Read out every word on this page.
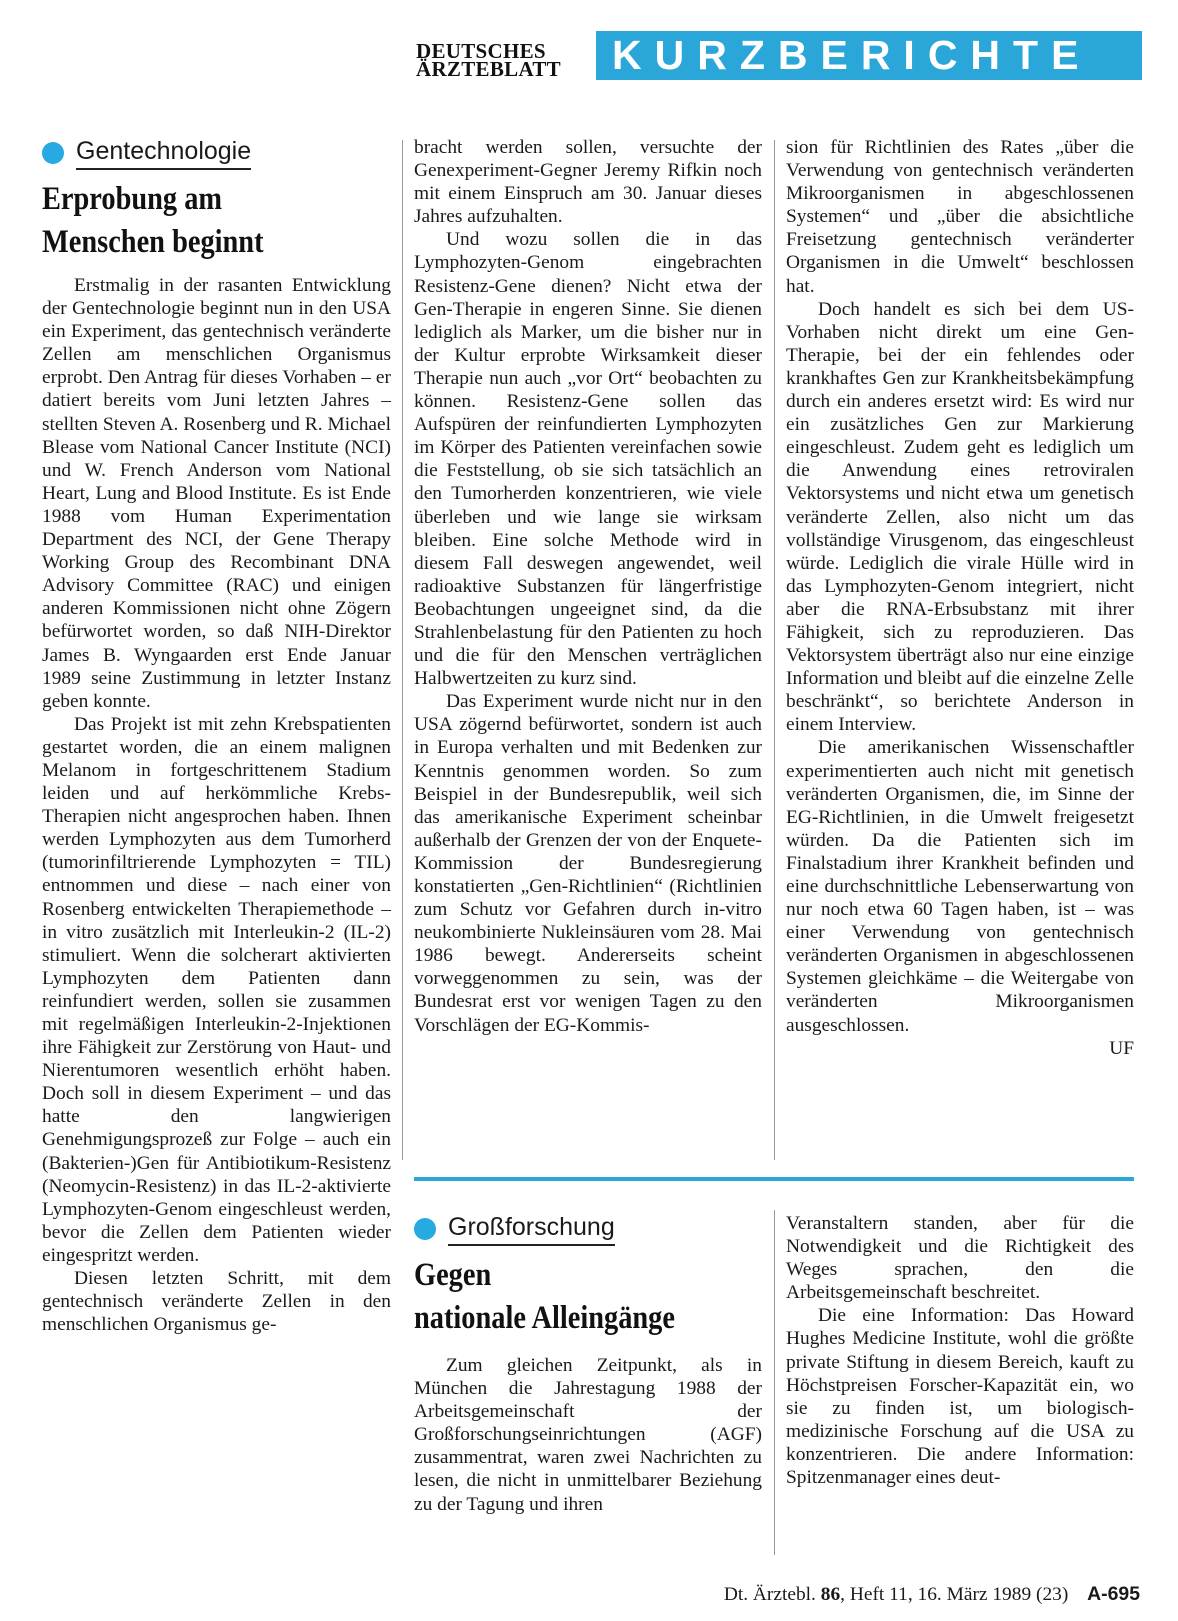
DEUTSCHES
ÄRZTEBLATT	KURZBERICHTE
Gentechnologie
Erprobung am
Menschen beginnt

Erstmalig in der rasanten Entwicklung der Gentechnologie beginnt nun in den USA ein Experiment, das gentechnisch veränderte Zellen am menschlichen Organismus erprobt. Den Antrag für dieses Vorhaben – er datiert bereits vom Juni letzten Jahres – stellten Steven A. Rosenberg und R. Michael Blease vom National Cancer Institute (NCI) und W. French Anderson vom National Heart, Lung and Blood Institute. Es ist Ende 1988 vom Human Experimentation Department des NCI, der Gene Therapy Working Group des Recombinant DNA Advisory Committee (RAC) und einigen anderen Kommissionen nicht ohne Zögern befürwortet worden, so daß NIH-Direktor James B. Wyngaarden erst Ende Januar 1989 seine Zustimmung in letzter Instanz geben konnte.

Das Projekt ist mit zehn Krebspatienten gestartet worden, die an einem malignen Melanom in fortgeschrittenem Stadium leiden und auf herkömmliche Krebs-Therapien nicht angesprochen haben. Ihnen werden Lymphozyten aus dem Tumorherd (tumorinfiltrierende Lymphozyten = TIL) entnommen und diese – nach einer von Rosenberg entwickelten Therapiemethode – in vitro zusätzlich mit Interleukin-2 (IL-2) stimuliert. Wenn die solcherart aktivierten Lymphozyten dem Patienten dann reinfundiert werden, sollen sie zusammen mit regelmäßigen Interleukin-2-Injektionen ihre Fähigkeit zur Zerstörung von Haut- und Nierentumoren wesentlich erhöht haben. Doch soll in diesem Experiment – und das hatte den langwierigen Genehmigungsprozeß zur Folge – auch ein (Bakterien-)Gen für Antibiotikum-Resistenz (Neomycin-Resistenz) in das IL-2-aktivierte Lymphozyten-Genom eingeschleust werden, bevor die Zellen dem Patienten wieder eingespritzt werden.

Diesen letzten Schritt, mit dem gentechnisch veränderte Zellen in den menschlichen Organismus ge-

bracht werden sollen, versuchte der Genexperiment-Gegner Jeremy Rifkin noch mit einem Einspruch am 30. Januar dieses Jahres aufzuhalten.

Und wozu sollen die in das Lymphozyten-Genom eingebrachten Resistenz-Gene dienen? Nicht etwa der Gen-Therapie in engeren Sinne. Sie dienen lediglich als Marker, um die bisher nur in der Kultur erprobte Wirksamkeit dieser Therapie nun auch „vor Ort“ beobachten zu können. Resistenz-Gene sollen das Aufspüren der reinfundierten Lymphozyten im Körper des Patienten vereinfachen sowie die Feststellung, ob sie sich tatsächlich an den Tumorherden konzentrieren, wie viele überleben und wie lange sie wirksam bleiben. Eine solche Methode wird in diesem Fall deswegen angewendet, weil radioaktive Substanzen für längerfristige Beobachtungen ungeeignet sind, da die Strahlenbelastung für den Patienten zu hoch und die für den Menschen verträglichen Halbwertzeiten zu kurz sind.

Das Experiment wurde nicht nur in den USA zögernd befürwortet, sondern ist auch in Europa verhalten und mit Bedenken zur Kenntnis genommen worden. So zum Beispiel in der Bundesrepublik, weil sich das amerikanische Experiment scheinbar außerhalb der Grenzen der von der Enquete-Kommission der Bundesregierung konstatierten „Gen-Richtlinien“ (Richtlinien zum Schutz vor Gefahren durch in-vitro neukombinierte Nukleinsäuren vom 28. Mai 1986 bewegt. Andererseits scheint vorweggenommen zu sein, was der Bundesrat erst vor wenigen Tagen zu den Vorschlägen der EG-Kommis-

sion für Richtlinien des Rates „über die Verwendung von gentechnisch veränderten Mikroorganismen in abgeschlossenen Systemen“ und „über die absichtliche Freisetzung gentechnisch veränderter Organismen in die Umwelt“ beschlossen hat.

Doch handelt es sich bei dem US-Vorhaben nicht direkt um eine Gen-Therapie, bei der ein fehlendes oder krankhaftes Gen zur Krankheitsbekämpfung durch ein anderes ersetzt wird: Es wird nur ein zusätzliches Gen zur Markierung eingeschleust. Zudem geht es lediglich um die Anwendung eines retroviralen Vektorsystems und nicht etwa um genetisch veränderte Zellen, also nicht um das vollständige Virusgenom, das eingeschleust würde. Lediglich die virale Hülle wird in das Lymphozyten-Genom integriert, nicht aber die RNA-Erbsubstanz mit ihrer Fähigkeit, sich zu reproduzieren. Das Vektorsystem überträgt also nur eine einzige Information und bleibt auf die einzelne Zelle beschränkt“, so berichtete Anderson in einem Interview.

Die amerikanischen Wissenschaftler experimentierten auch nicht mit genetisch veränderten Organismen, die, im Sinne der EG-Richtlinien, in die Umwelt freigesetzt würden. Da die Patienten sich im Finalstadium ihrer Krankheit befinden und eine durchschnittliche Lebenserwartung von nur noch etwa 60 Tagen haben, ist – was einer Verwendung von gentechnisch veränderten Organismen in abgeschlossenen Systemen gleichkäme – die Weitergabe von veränderten Mikroorganismen ausgeschlossen.

UF
Großforschung
Gegen
nationale Alleingänge

Zum gleichen Zeitpunkt, als in München die Jahrestagung 1988 der Arbeitsgemeinschaft der Großforschungseinrichtungen (AGF) zusammentrat, waren zwei Nachrichten zu lesen, die nicht in unmittelbarer Beziehung zu der Tagung und ihren

Veranstaltern standen, aber für die Notwendigkeit und die Richtigkeit des Weges sprachen, den die Arbeitsgemeinschaft beschreitet.

Die eine Information: Das Howard Hughes Medicine Institute, wohl die größte private Stiftung in diesem Bereich, kauft zu Höchstpreisen Forscher-Kapazität ein, wo sie zu finden ist, um biologisch-medizinische Forschung auf die USA zu konzentrieren. Die andere Information: Spitzenmanager eines deut-

Dt. Ärztebl. 86, Heft 11, 16. März 1989 (23) A-695
